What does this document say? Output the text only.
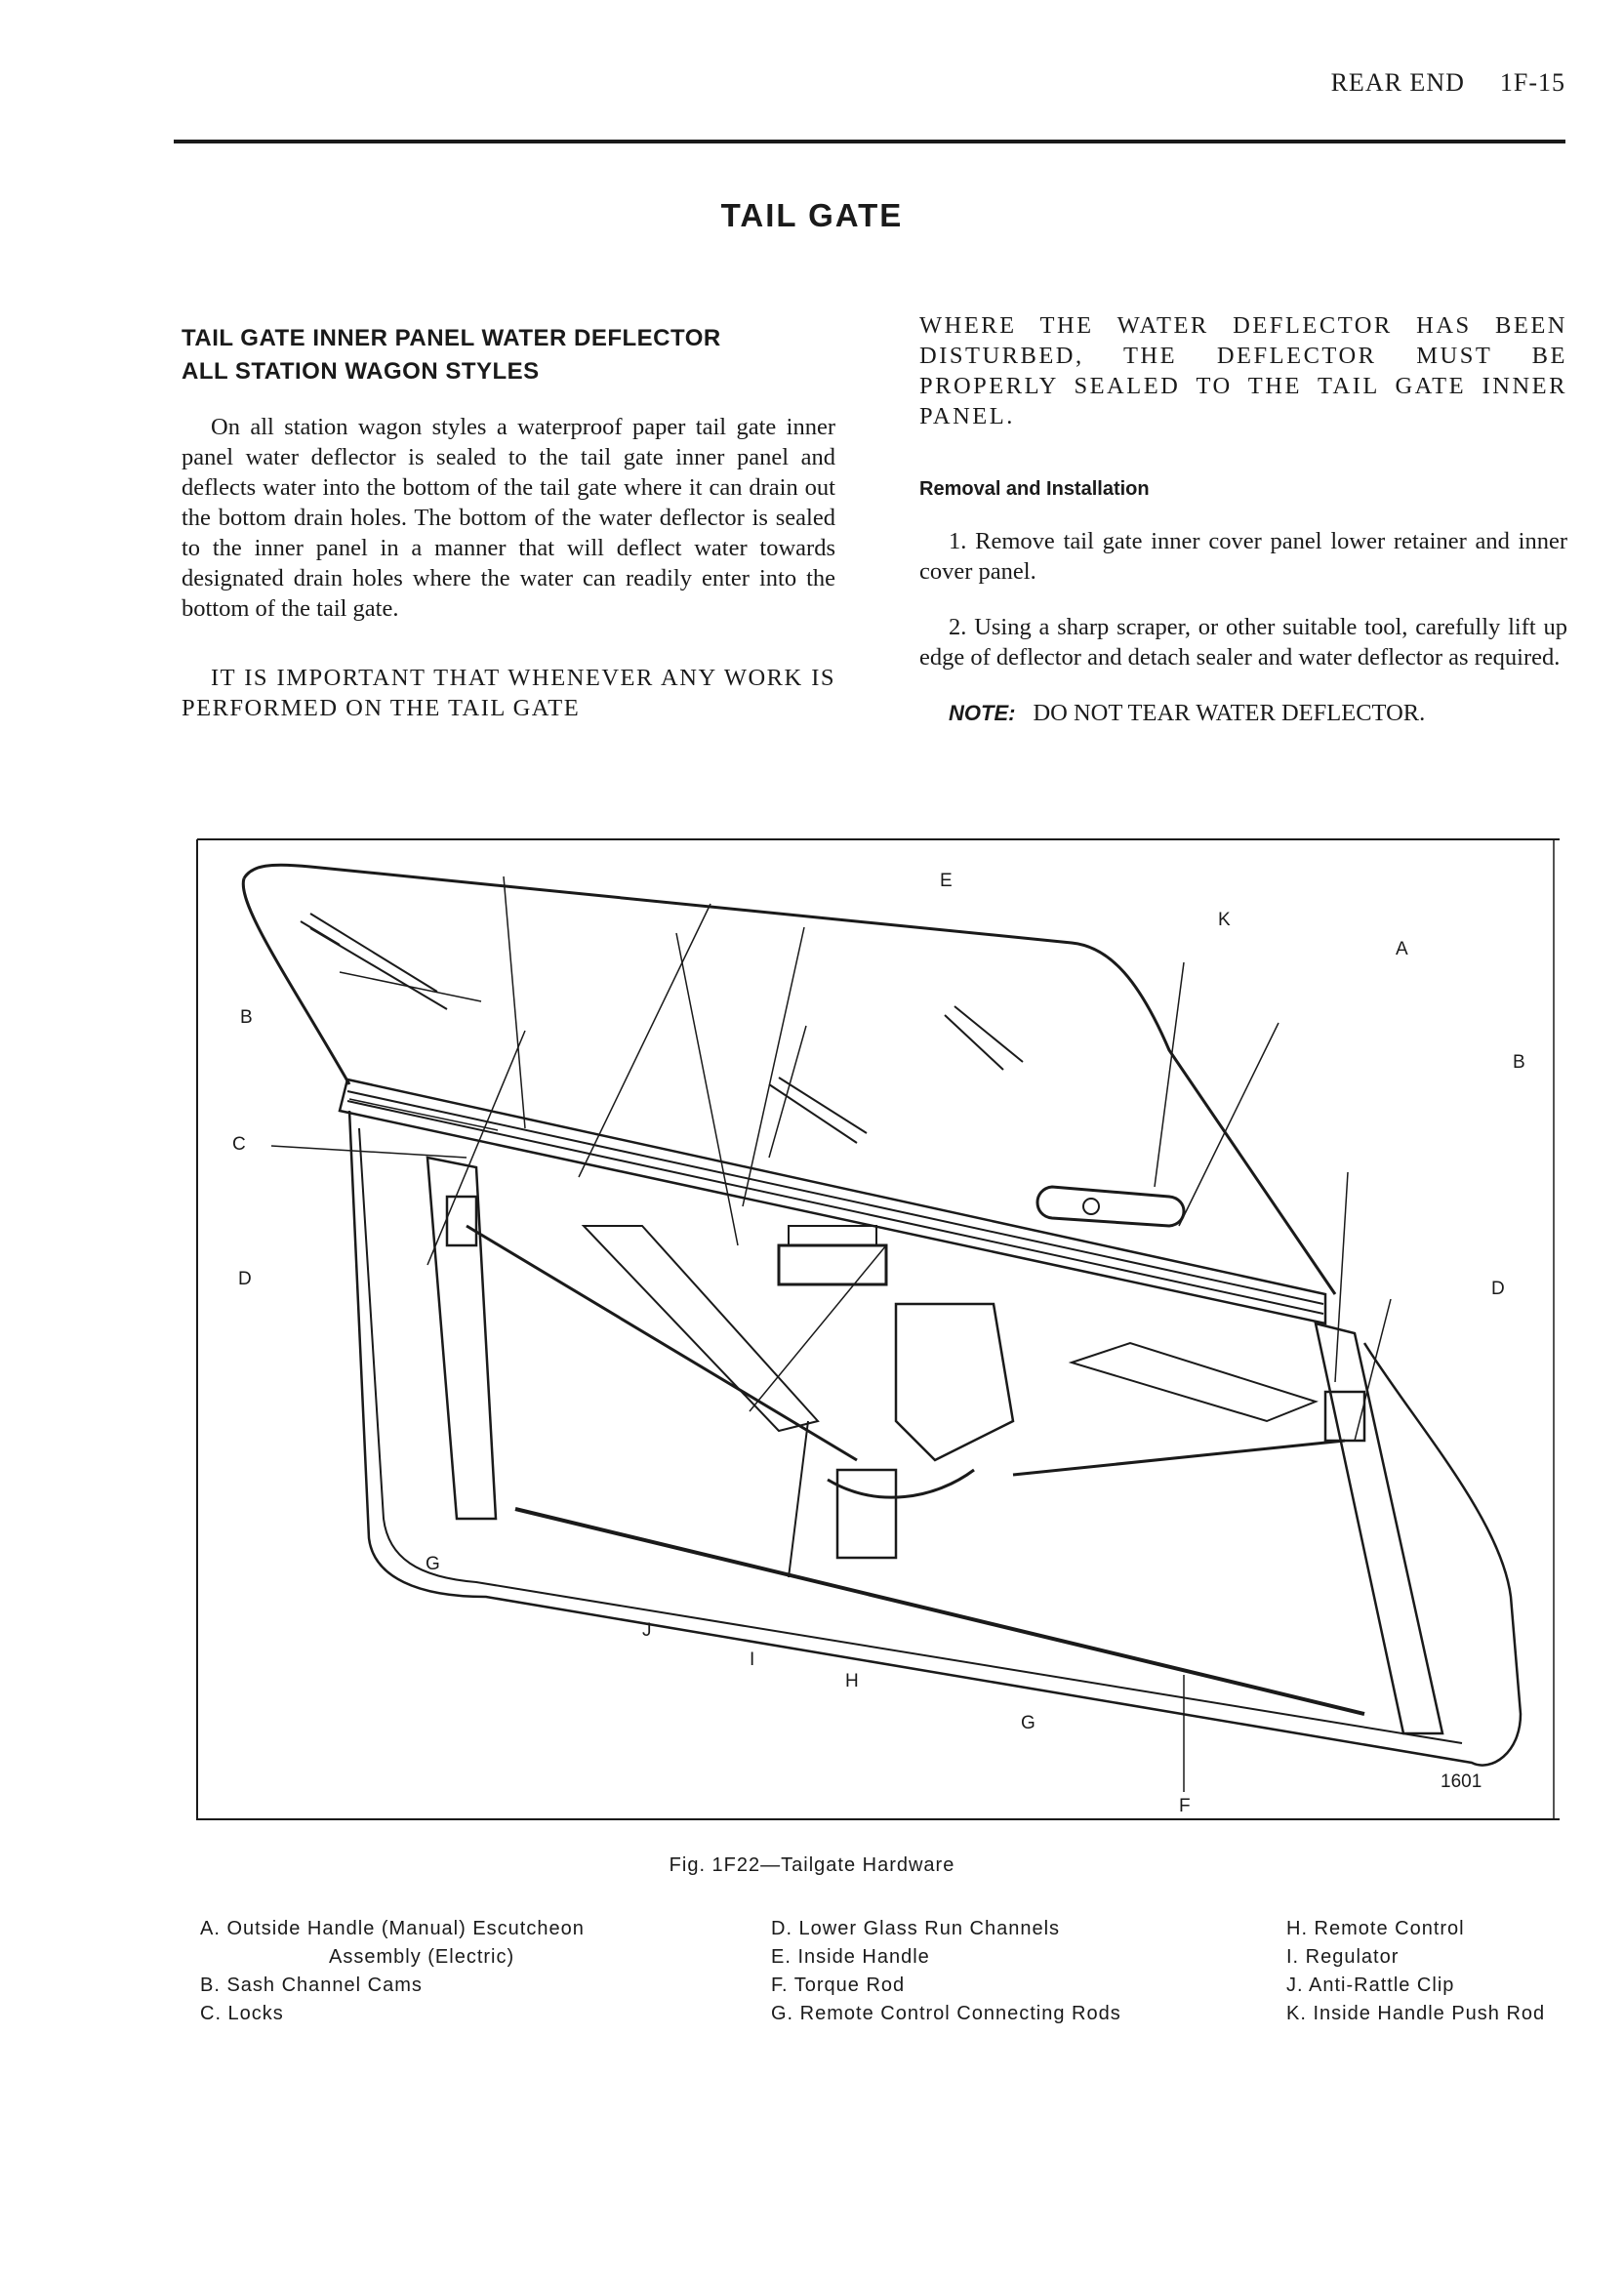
REAR END 1F-15
TAIL GATE
TAIL GATE INNER PANEL WATER DEFLECTOR
ALL STATION WAGON STYLES

On all station wagon styles a waterproof paper tail gate inner panel water deflector is sealed to the tail gate inner panel and deflects water into the bottom of the tail gate where it can drain out the bottom drain holes. The bottom of the water deflector is sealed to the inner panel in a manner that will deflect water towards designated drain holes where the water can readily enter into the bottom of the tail gate.

IT IS IMPORTANT THAT WHENEVER ANY WORK IS PERFORMED ON THE TAIL GATE

WHERE THE WATER DEFLECTOR HAS BEEN DISTURBED, THE DEFLECTOR MUST BE PROPERLY SEALED TO THE TAIL GATE INNER PANEL.

Removal and Installation

1. Remove tail gate inner cover panel lower retainer and inner cover panel.

2. Using a sharp scraper, or other suitable tool, carefully lift up edge of deflector and detach sealer and water deflector as required.

NOTE: DO NOT TEAR WATER DEFLECTOR.

E
K
A
B
B
C
D	D
G
J
I
H
G
F
1601
Fig. 1F22—Tailgate Hardware
A. Outside Handle (Manual) Escutcheon
Assembly (Electric)
B. Sash Channel Cams
C. Locks
D. Lower Glass Run Channels
E. Inside Handle
F. Torque Rod
G. Remote Control Connecting Rods
H. Remote Control
I. Regulator
J. Anti-Rattle Clip
K. Inside Handle Push Rod
